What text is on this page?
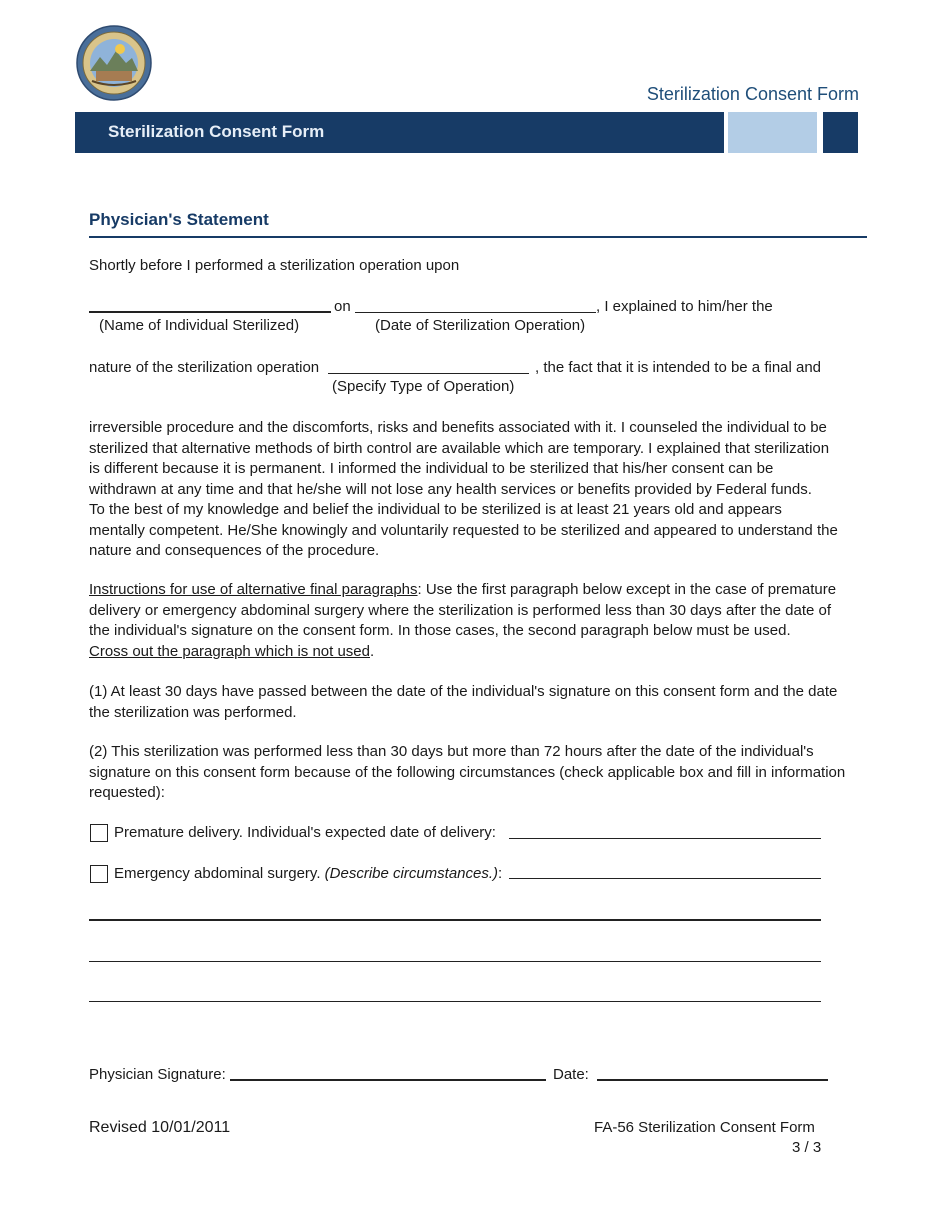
Sterilization Consent Form
Sterilization Consent Form
Physician's Statement
Shortly before I performed a sterilization operation upon
on	, I explained to him/her the
(Name of Individual Sterilized)	(Date of Sterilization Operation)
nature of the sterilization operation	, the fact that it is intended to be a final and
(Specify Type of Operation)
irreversible procedure and the discomforts, risks and benefits associated with it. I counseled the individual to be
sterilized that alternative methods of birth control are available which are temporary. I explained that sterilization
is different because it is permanent. I informed the individual to be sterilized that his/her consent can be
withdrawn at any time and that he/she will not lose any health services or benefits provided by Federal funds.
To the best of my knowledge and belief the individual to be sterilized is at least 21 years old and appears
mentally competent. He/She knowingly and voluntarily requested to be sterilized and appeared to understand the
nature and consequences of the procedure.
Instructions for use of alternative final paragraphs: Use the first paragraph below except in the case of premature
delivery or emergency abdominal surgery where the sterilization is performed less than 30 days after the date of
the individual's signature on the consent form. In those cases, the second paragraph below must be used.
Cross out the paragraph which is not used.
(1) At least 30 days have passed between the date of the individual's signature on this consent form and the date
the sterilization was performed.
(2) This sterilization was performed less than 30 days but more than 72 hours after the date of the individual's
signature on this consent form because of the following circumstances (check applicable box and fill in information
requested):
Premature delivery. Individual's expected date of delivery:
Emergency abdominal surgery. (Describe circumstances.):
Physician Signature:	Date:
Revised 10/01/2011	FA-56 Sterilization Consent Form
3 / 3
